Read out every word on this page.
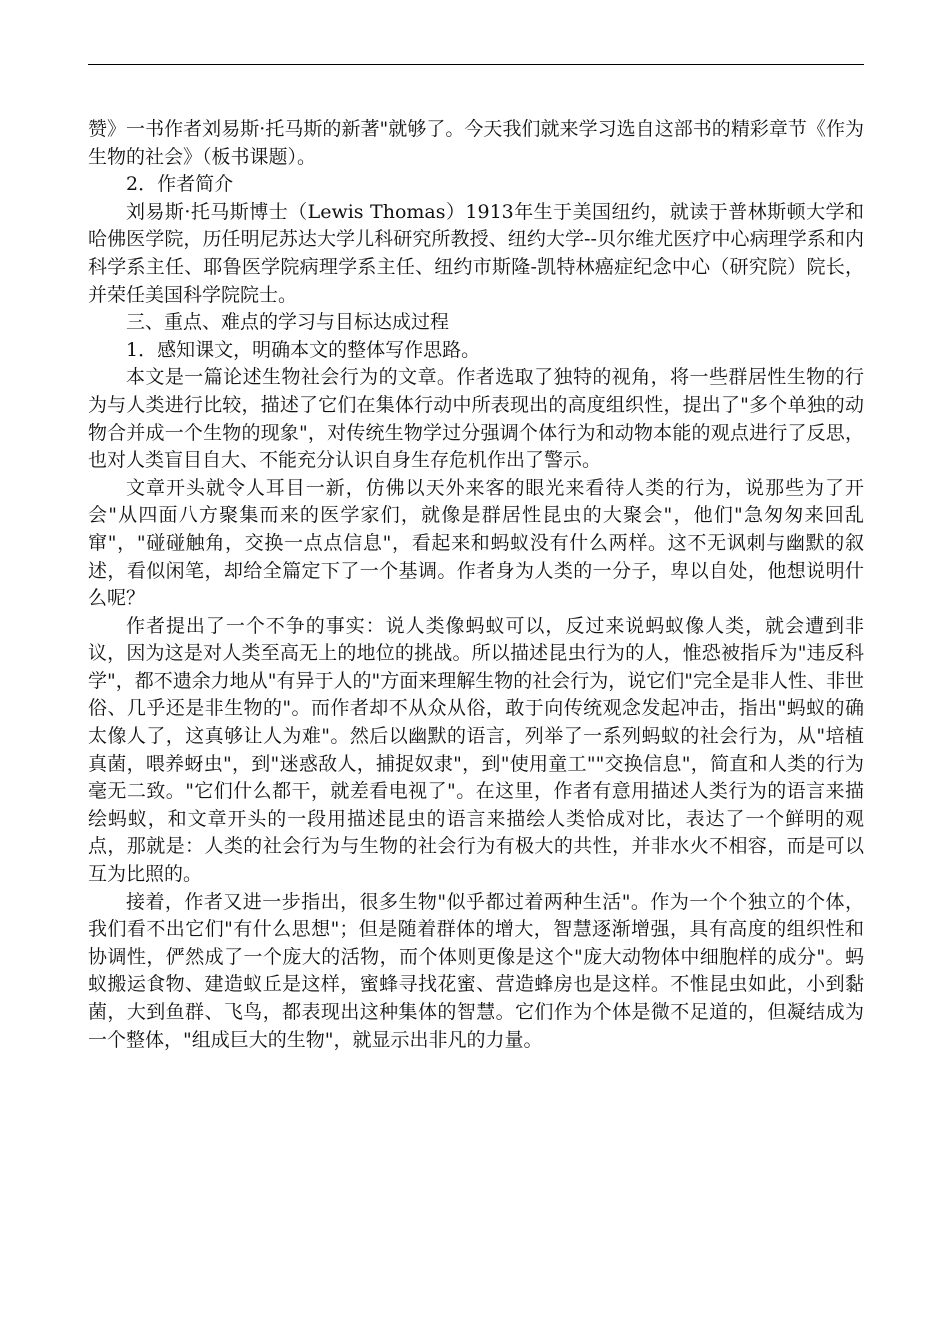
赞》一书作者刘易斯·托马斯的新著"就够了。今天我们就来学习选自这部书的精彩章节《作为生物的社会》（板书课题）。

2．作者简介

刘易斯·托马斯博士（Lewis Thomas）1913年生于美国纽约，就读于普林斯顿大学和哈佛医学院，历任明尼苏达大学儿科研究所教授、纽约大学--贝尔维尤医疗中心病理学系和内科学系主任、耶鲁医学院病理学系主任、纽约市斯隆-凯特林癌症纪念中心（研究院）院长，并荣任美国科学院院士。

三、重点、难点的学习与目标达成过程

1．感知课文，明确本文的整体写作思路。

本文是一篇论述生物社会行为的文章。作者选取了独特的视角，将一些群居性生物的行为与人类进行比较，描述了它们在集体行动中所表现出的高度组织性，提出了"多个单独的动物合并成一个生物的现象"，对传统生物学过分强调个体行为和动物本能的观点进行了反思，也对人类盲目自大、不能充分认识自身生存危机作出了警示。

文章开头就令人耳目一新，仿佛以天外来客的眼光来看待人类的行为，说那些为了开会"从四面八方聚集而来的医学家们，就像是群居性昆虫的大聚会"，他们"急匆匆来回乱窜"，"碰碰触角，交换一点点信息"，看起来和蚂蚁没有什么两样。这不无讽刺与幽默的叙述，看似闲笔，却给全篇定下了一个基调。作者身为人类的一分子，卑以自处，他想说明什么呢？

作者提出了一个不争的事实：说人类像蚂蚁可以，反过来说蚂蚁像人类，就会遭到非议，因为这是对人类至高无上的地位的挑战。所以描述昆虫行为的人，惟恐被指斥为"违反科学"，都不遗余力地从"有异于人的"方面来理解生物的社会行为，说它们"完全是非人性、非世俗、几乎还是非生物的"。而作者却不从众从俗，敢于向传统观念发起冲击，指出"蚂蚁的确太像人了，这真够让人为难"。然后以幽默的语言，列举了一系列蚂蚁的社会行为，从"培植真菌，喂养蚜虫"，到"迷惑敌人，捕捉奴隶"，到"使用童工""交换信息"，简直和人类的行为毫无二致。"它们什么都干，就差看电视了"。在这里，作者有意用描述人类行为的语言来描绘蚂蚁，和文章开头的一段用描述昆虫的语言来描绘人类恰成对比，表达了一个鲜明的观点，那就是：人类的社会行为与生物的社会行为有极大的共性，并非水火不相容，而是可以互为比照的。

接着，作者又进一步指出，很多生物"似乎都过着两种生活"。作为一个个独立的个体，我们看不出它们"有什么思想"；但是随着群体的增大，智慧逐渐增强，具有高度的组织性和协调性，俨然成了一个庞大的活物，而个体则更像是这个"庞大动物体中细胞样的成分"。蚂蚁搬运食物、建造蚁丘是这样，蜜蜂寻找花蜜、营造蜂房也是这样。不惟昆虫如此，小到黏菌，大到鱼群、飞鸟，都表现出这种集体的智慧。它们作为个体是微不足道的，但凝结成为一个整体，"组成巨大的生物"，就显示出非凡的力量。
